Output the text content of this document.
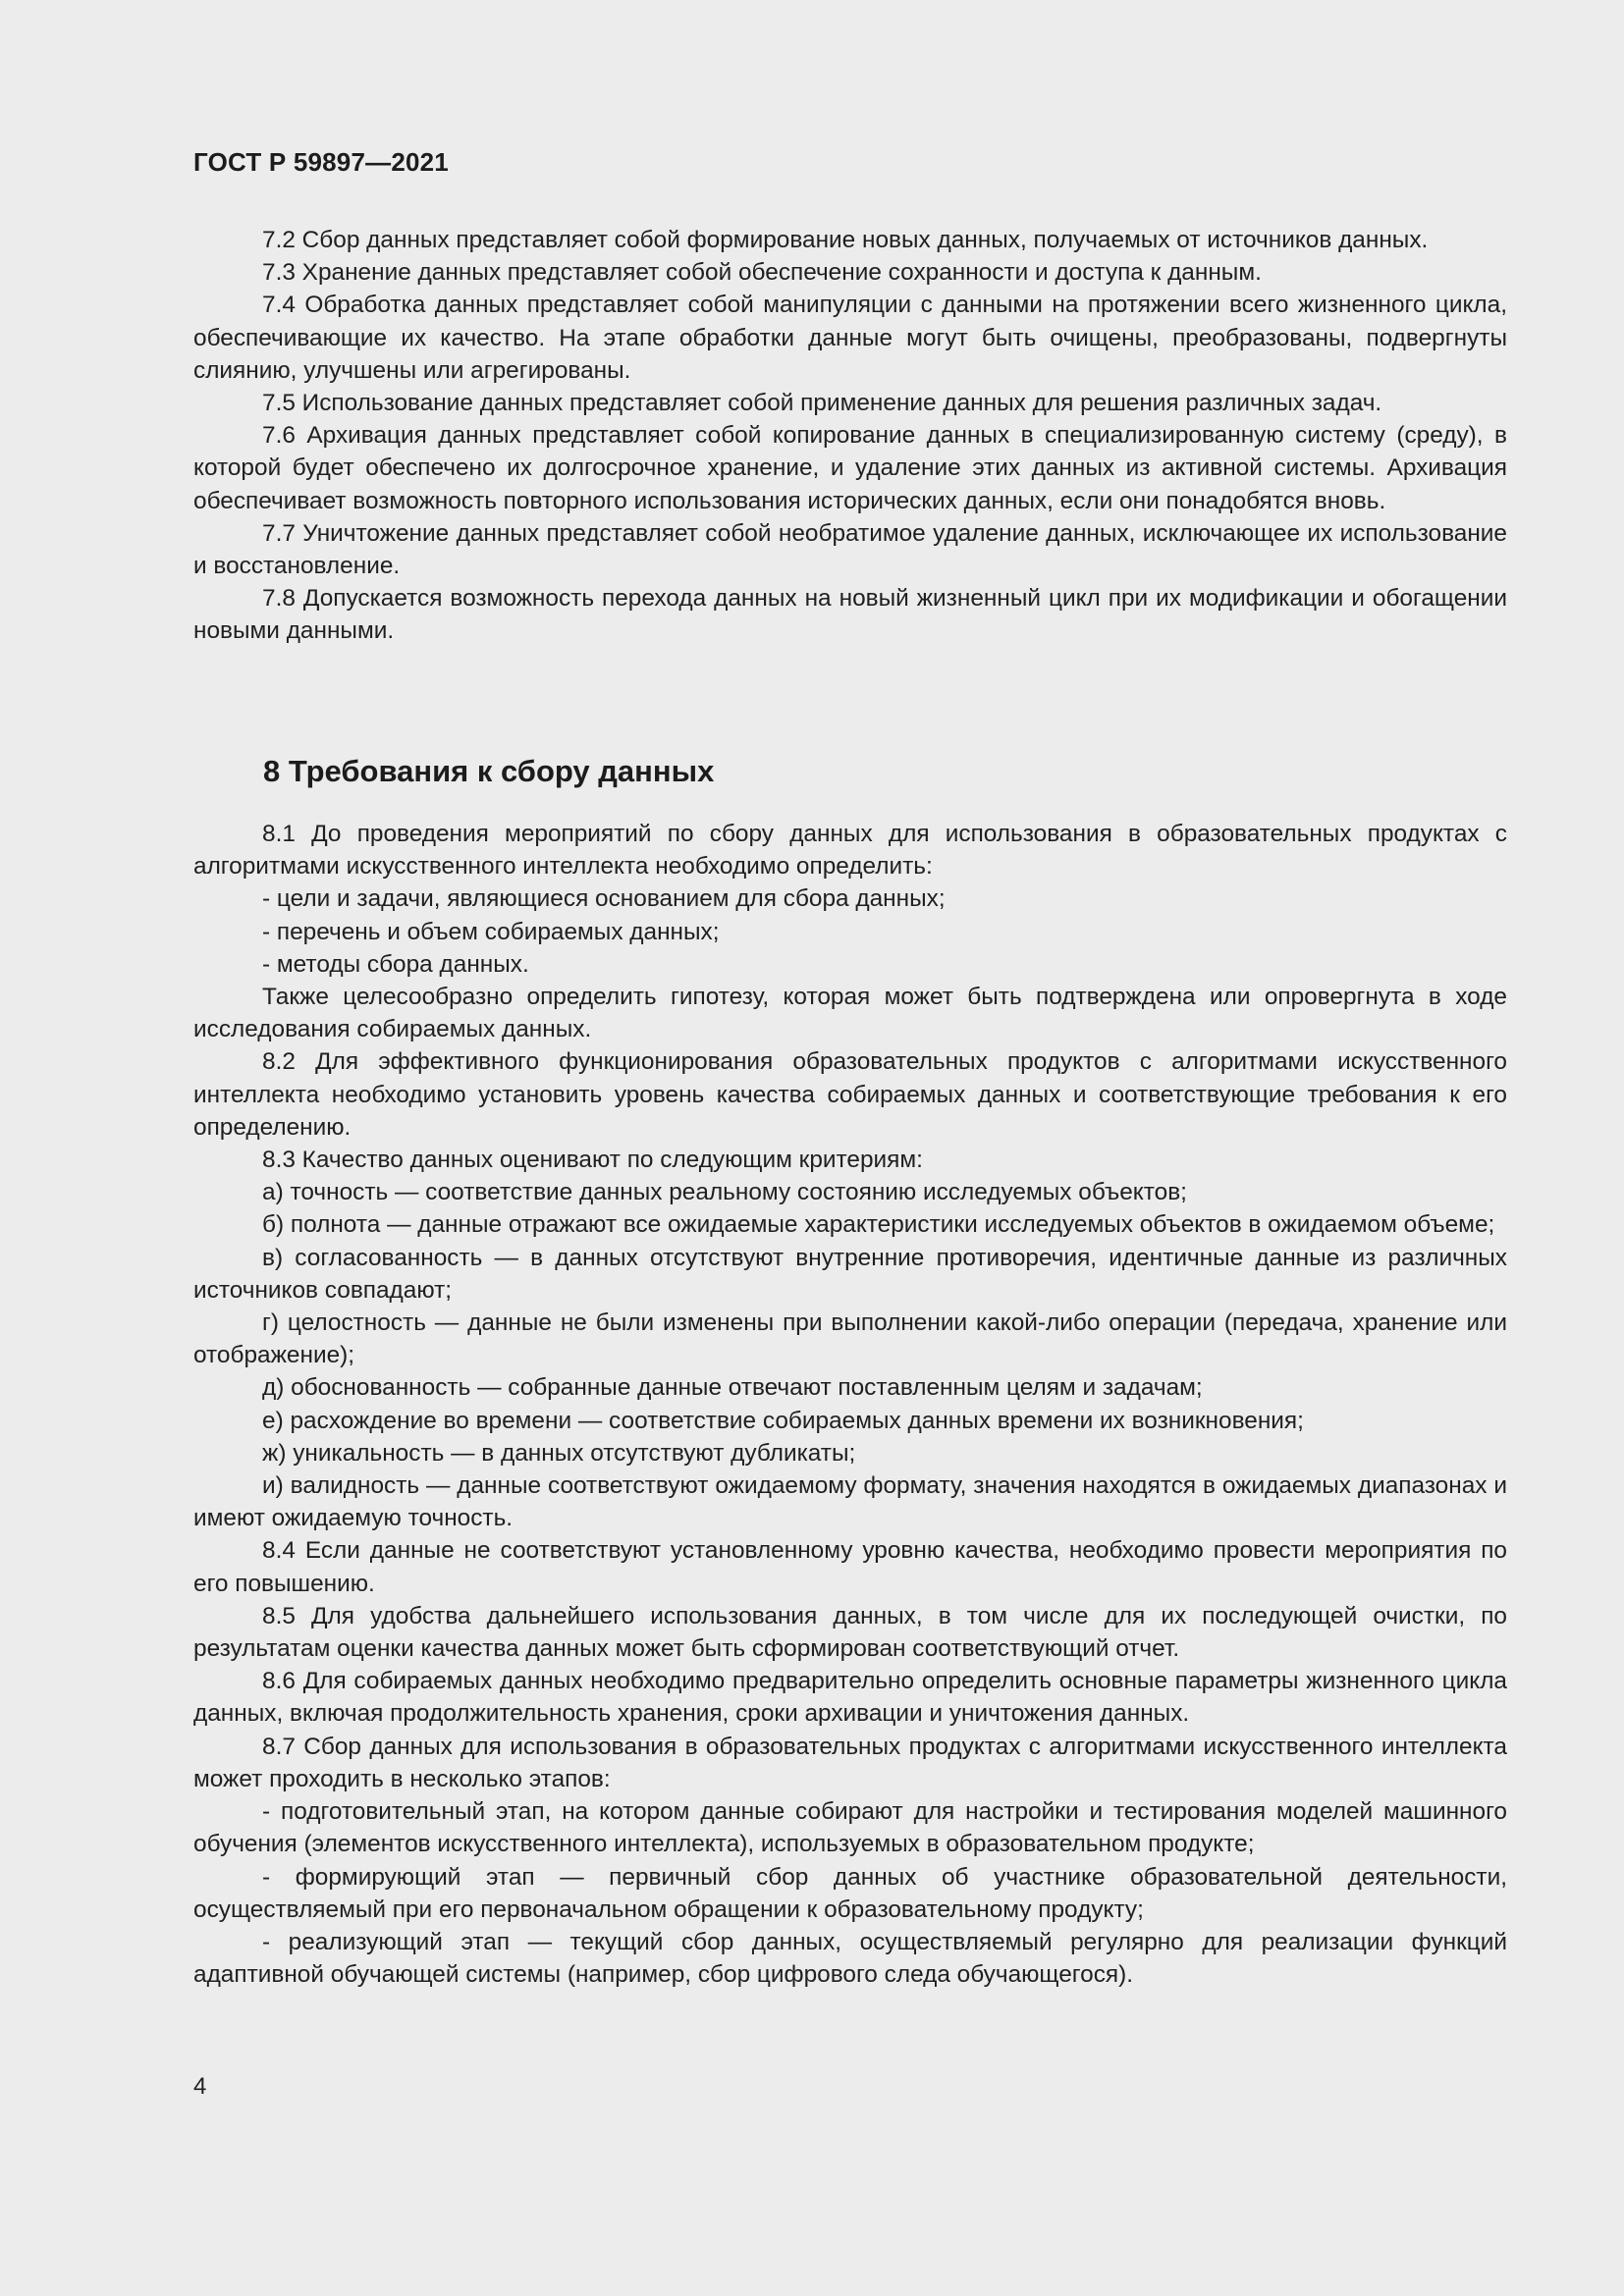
ГОСТ Р 59897—2021

7.2 Сбор данных представляет собой формирование новых данных, получаемых от источников данных.

7.3 Хранение данных представляет собой обеспечение сохранности и доступа к данным.

7.4 Обработка данных представляет собой манипуляции с данными на протяжении всего жизненного цикла, обеспечивающие их качество. На этапе обработки данные могут быть очищены, преобразованы, подвергнуты слиянию, улучшены или агрегированы.

7.5 Использование данных представляет собой применение данных для решения различных задач.

7.6 Архивация данных представляет собой копирование данных в специализированную систему (среду), в которой будет обеспечено их долгосрочное хранение, и удаление этих данных из активной системы. Архивация обеспечивает возможность повторного использования исторических данных, если они понадобятся вновь.

7.7 Уничтожение данных представляет собой необратимое удаление данных, исключающее их использование и восстановление.

7.8 Допускается возможность перехода данных на новый жизненный цикл при их модификации и обогащении новыми данными.

8 Требования к сбору данных

8.1 До проведения мероприятий по сбору данных для использования в образовательных продуктах с алгоритмами искусственного интеллекта необходимо определить:

- цели и задачи, являющиеся основанием для сбора данных;

- перечень и объем собираемых данных;

- методы сбора данных.

Также целесообразно определить гипотезу, которая может быть подтверждена или опровергнута в ходе исследования собираемых данных.

8.2 Для эффективного функционирования образовательных продуктов с алгоритмами искусственного интеллекта необходимо установить уровень качества собираемых данных и соответствующие требования к его определению.

8.3 Качество данных оценивают по следующим критериям:

а) точность — соответствие данных реальному состоянию исследуемых объектов;

б) полнота — данные отражают все ожидаемые характеристики исследуемых объектов в ожидаемом объеме;

в) согласованность — в данных отсутствуют внутренние противоречия, идентичные данные из различных источников совпадают;

г) целостность — данные не были изменены при выполнении какой-либо операции (передача, хранение или отображение);

д) обоснованность — собранные данные отвечают поставленным целям и задачам;

е) расхождение во времени — соответствие собираемых данных времени их возникновения;

ж) уникальность — в данных отсутствуют дубликаты;

и) валидность — данные соответствуют ожидаемому формату, значения находятся в ожидаемых диапазонах и имеют ожидаемую точность.

8.4 Если данные не соответствуют установленному уровню качества, необходимо провести мероприятия по его повышению.

8.5 Для удобства дальнейшего использования данных, в том числе для их последующей очистки, по результатам оценки качества данных может быть сформирован соответствующий отчет.

8.6 Для собираемых данных необходимо предварительно определить основные параметры жизненного цикла данных, включая продолжительность хранения, сроки архивации и уничтожения данных.

8.7 Сбор данных для использования в образовательных продуктах с алгоритмами искусственного интеллекта может проходить в несколько этапов:

- подготовительный этап, на котором данные собирают для настройки и тестирования моделей машинного обучения (элементов искусственного интеллекта), используемых в образовательном продукте;

- формирующий этап — первичный сбор данных об участнике образовательной деятельности, осуществляемый при его первоначальном обращении к образовательному продукту;

- реализующий этап — текущий сбор данных, осуществляемый регулярно для реализации функций адаптивной обучающей системы (например, сбор цифрового следа обучающегося).

4
